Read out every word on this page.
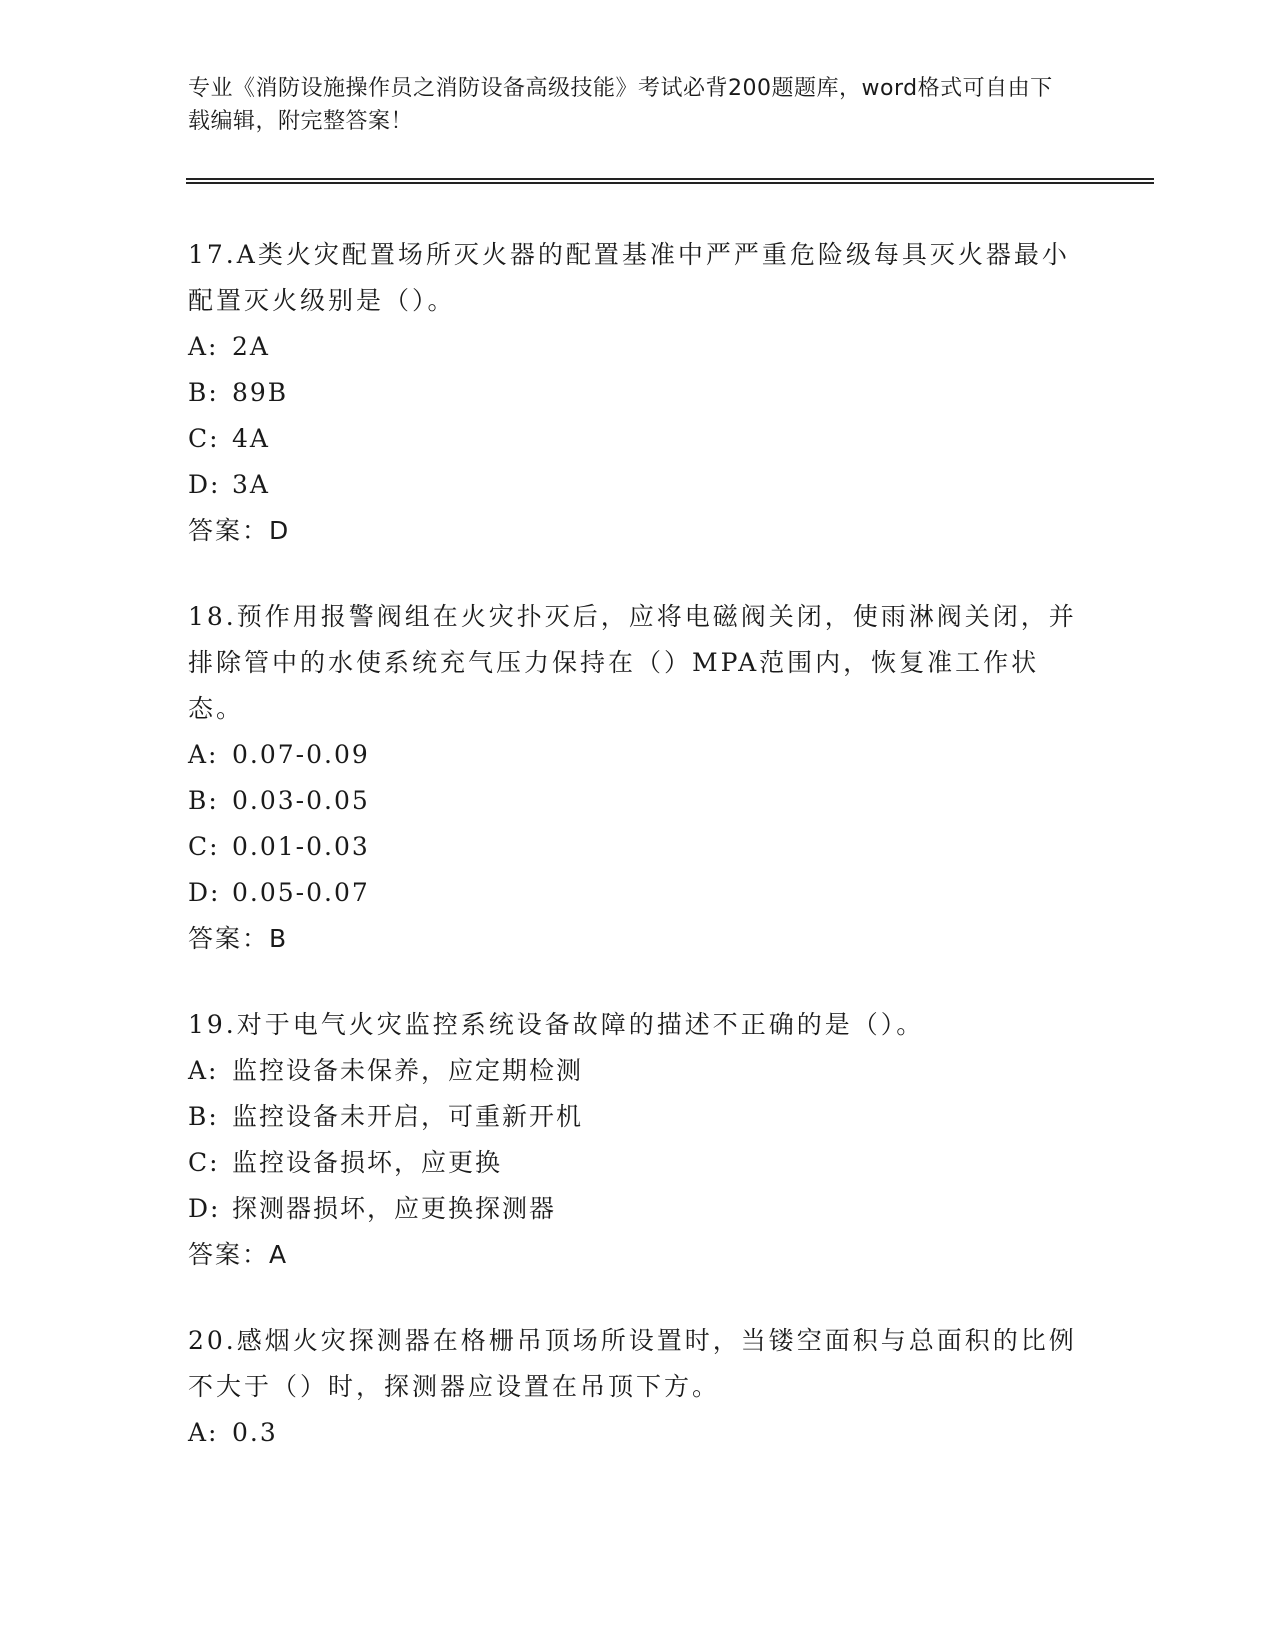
专业《消防设施操作员之消防设备高级技能》考试必背200题题库，word格式可自由下载编辑，附完整答案！

17.A类火灾配置场所灭火器的配置基准中严严重危险级每具灭火器最小配置灭火级别是（）。

A: 2A
B: 89B
C: 4A
D: 3A
答案：D

18.预作用报警阀组在火灾扑灭后，应将电磁阀关闭，使雨淋阀关闭，并排除管中的水使系统充气压力保持在（）MPA范围内，恢复准工作状态。

A: 0.07-0.09
B: 0.03-0.05
C: 0.01-0.03
D: 0.05-0.07
答案：B

19.对于电气火灾监控系统设备故障的描述不正确的是（）。

A: 监控设备未保养，应定期检测
B: 监控设备未开启，可重新开机
C: 监控设备损坏，应更换
D: 探测器损坏，应更换探测器
答案：A

20.感烟火灾探测器在格栅吊顶场所设置时，当镂空面积与总面积的比例不大于（）时，探测器应设置在吊顶下方。

A: 0.3
